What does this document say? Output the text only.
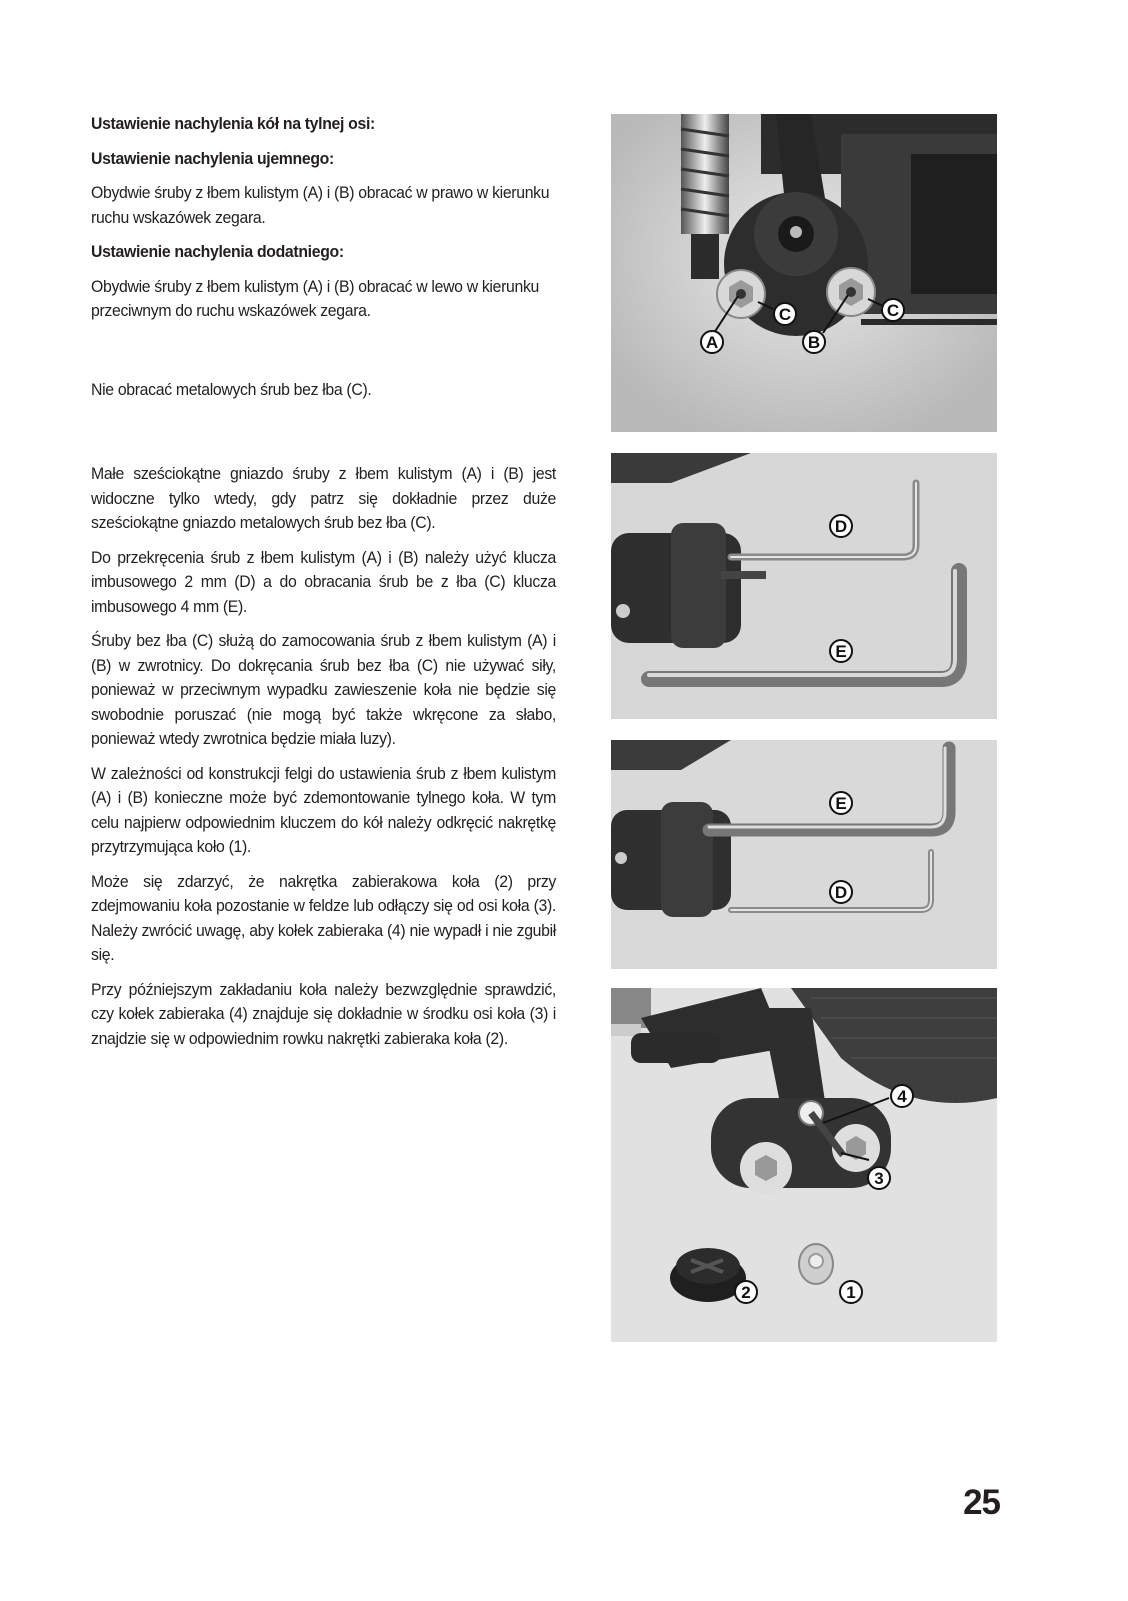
Ustawienie nachylenia kół na tylnej osi:

Ustawienie nachylenia ujemnego:

Obydwie śruby z łbem kulistym (A) i (B) obracać w prawo w kierunku ruchu wskazówek zegara.

Ustawienie nachylenia dodatniego:

Obydwie śruby z łbem kulistym (A) i (B) obracać w lewo w kierunku przeciwnym do ruchu wskazówek zegara.

Nie obracać metalowych śrub bez łba (C).

Małe sześciokątne gniazdo śruby z łbem kulistym (A) i (B) jest widoczne tylko wtedy, gdy patrz się dokładnie przez duże sześciokątne gniazdo metalowych śrub bez łba (C).

Do przekręcenia śrub z łbem kulistym (A) i (B) należy użyć klucza imbusowego 2 mm (D) a do obracania śrub be z łba (C) klucza imbusowego 4 mm (E).

Śruby bez łba (C) służą do zamocowania śrub z łbem kulistym (A) i (B) w zwrotnicy. Do dokręcania śrub bez łba (C) nie używać siły, ponieważ w przeciwnym wypadku zawieszenie koła nie będzie się swobodnie poruszać (nie mogą być także wkręcone za słabo, ponieważ wtedy zwrotnica będzie miała luzy).

W zależności od konstrukcji felgi do ustawienia śrub z łbem kulistym (A) i (B) konieczne może być zdemontowanie tylnego koła. W tym celu najpierw odpowiednim kluczem do kół należy odkręcić nakrętkę przytrzymująca koło (1).

Może się zdarzyć, że nakrętka zabierakowa koła (2) przy zdejmowaniu koła pozostanie w feldze lub odłączy się od osi koła (3). Należy zwrócić uwagę, aby kołek zabieraka (4) nie wypadł i nie zgubił się.

Przy późniejszym zakładaniu koła należy bezwzględnie sprawdzić, czy kołek zabieraka (4) znajduje się dokładnie w środku osi koła (3) i znajdzie się w odpowiednim rowku nakrętki zabieraka koła (2).

A
C
B
C
D
E
E
D
4
3
2	1
25
